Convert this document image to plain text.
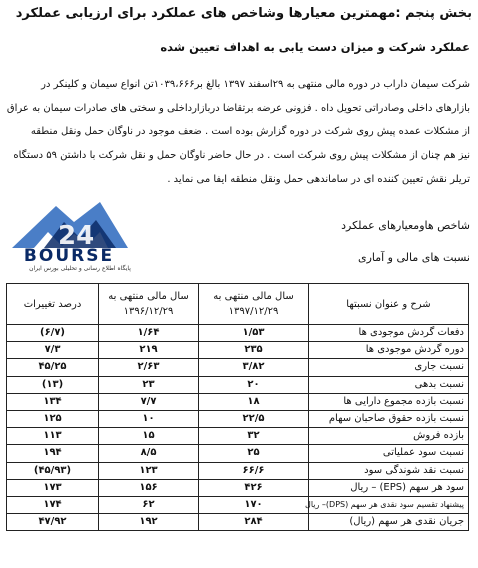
بخش پنجم :مهمترین معیارها وشاخص های عملکرد برای ارزیابی عملکرد
عملکرد شرکت و میزان دست یابی به اهداف تعیین شده
شرکت سیمان داراب در دوره مالی منتهی به ۲۹اسفند ۱۳۹۷ بالغ بر۱۰۳۹،۶۶۶تن انواع سیمان و کلینکر در
بازارهای داخلی وصادراتی تحویل داه . فزونی عرضه برتقاضا دربازارداخلی و سختی های صادرات سیمان به عراق
از مشکلات عمده پیش روی شرکت در دوره گزارش بوده است . ضعف موجود در ناوگان حمل ونقل منطقه
نیز هم چنان از مشکلات پیش روی شرکت است . در حال حاضر ناوگان حمل و نقل شرکت با داشتن ۵۹ دستگاه
تریلر نقش تعیین کننده ای در ساماندهی حمل ونقل منطقه ایفا می نماید .
24
BOURSE
پایگاه اطلاع رسانی و تحلیلی بورس ایران
شاخص هاومعیارهای عملکرد
نسبت های مالی و آماری
شرح و عنوان نسبتها	سال مالی منتهی به ۱۳۹۷/۱۲/۲۹	سال مالی منتهی به ۱۳۹۶/۱۲/۲۹	درصد تغییرات
دفعات گردش موجودی ها	۱/۵۳	۱/۶۴	(۶/۷)
دوره گردش موجودی ها	۲۳۵	۲۱۹	۷/۳
نسبت جاری	۳/۸۲	۲/۶۳	۴۵/۲۵
نسبت بدهی	۲۰	۲۳	(۱۳)
نسبت بازده مجموع دارایی ها	۱۸	۷/۷	۱۳۴
نسبت بازده حقوق صاحبان سهام	۲۲/۵	۱۰	۱۲۵
بازده فروش	۳۲	۱۵	۱۱۳
نسبت سود عملیاتی	۲۵	۸/۵	۱۹۴
نسبت نقد شوندگی سود	۶۶/۶	۱۲۳	(۴۵/۹۳)
سود هر سهم (EPS) – ریال	۴۲۶	۱۵۶	۱۷۳
پیشنهاد تقسیم سود نقدی هر سهم (DPS)– ریال	۱۷۰	۶۲	۱۷۴
جریان نقدی هر سهم (ریال)	۲۸۴	۱۹۲	۴۷/۹۲
